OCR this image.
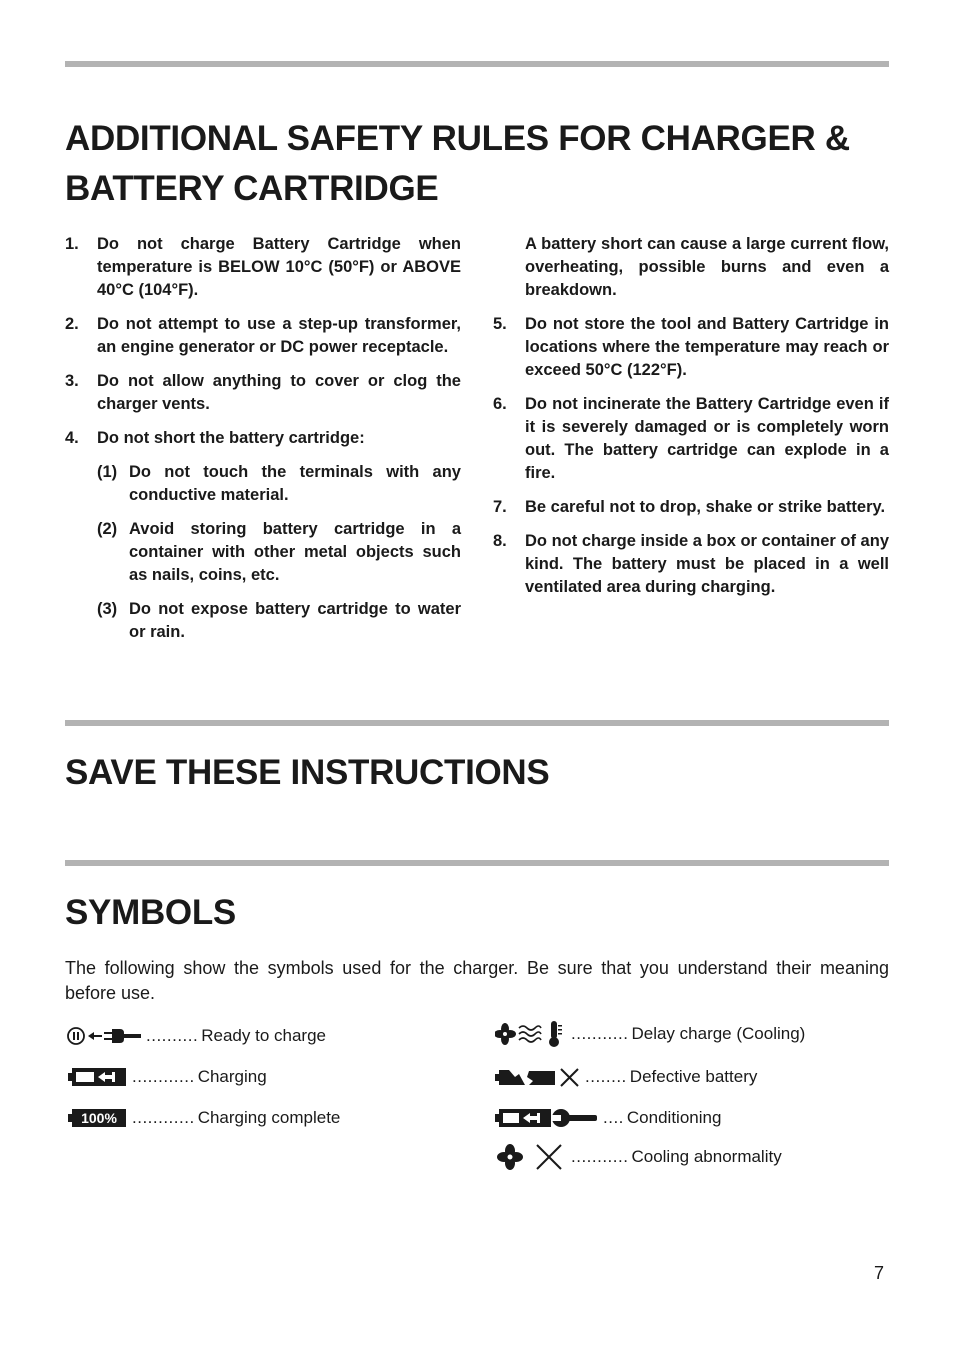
ADDITIONAL SAFETY RULES FOR CHARGER &
BATTERY CARTRIDGE
1.	Do not charge Battery Cartridge when temperature is BELOW 10°C (50°F) or ABOVE 40°C (104°F).
2.	Do not attempt to use a step-up transformer, an engine generator or DC power receptacle.
3.	Do not allow anything to cover or clog the charger vents.
4.	Do not short the battery cartridge:
(1) Do not touch the terminals with any conductive material.
(2) Avoid storing battery cartridge in a container with other metal objects such as nails, coins, etc.
(3) Do not expose battery cartridge to water or rain.
A battery short can cause a large current flow, overheating, possible burns and even a breakdown.
5.	Do not store the tool and Battery Cartridge in locations where the temperature may reach or exceed 50°C (122°F).
6.	Do not incinerate the Battery Cartridge even if it is severely damaged or is completely worn out. The battery cartridge can explode in a fire.
7.	Be careful not to drop, shake or strike battery.
8.	Do not charge inside a box or container of any kind. The battery must be placed in a well ventilated area during charging.
SAVE THESE INSTRUCTIONS
SYMBOLS

The following show the symbols used for the charger. Be sure that you understand their meaning before use.

.......... Ready to charge
............ Charging
100% ............ Charging complete
........... Delay charge (Cooling)
........ Defective battery
.... Conditioning
........... Cooling abnormality
7
